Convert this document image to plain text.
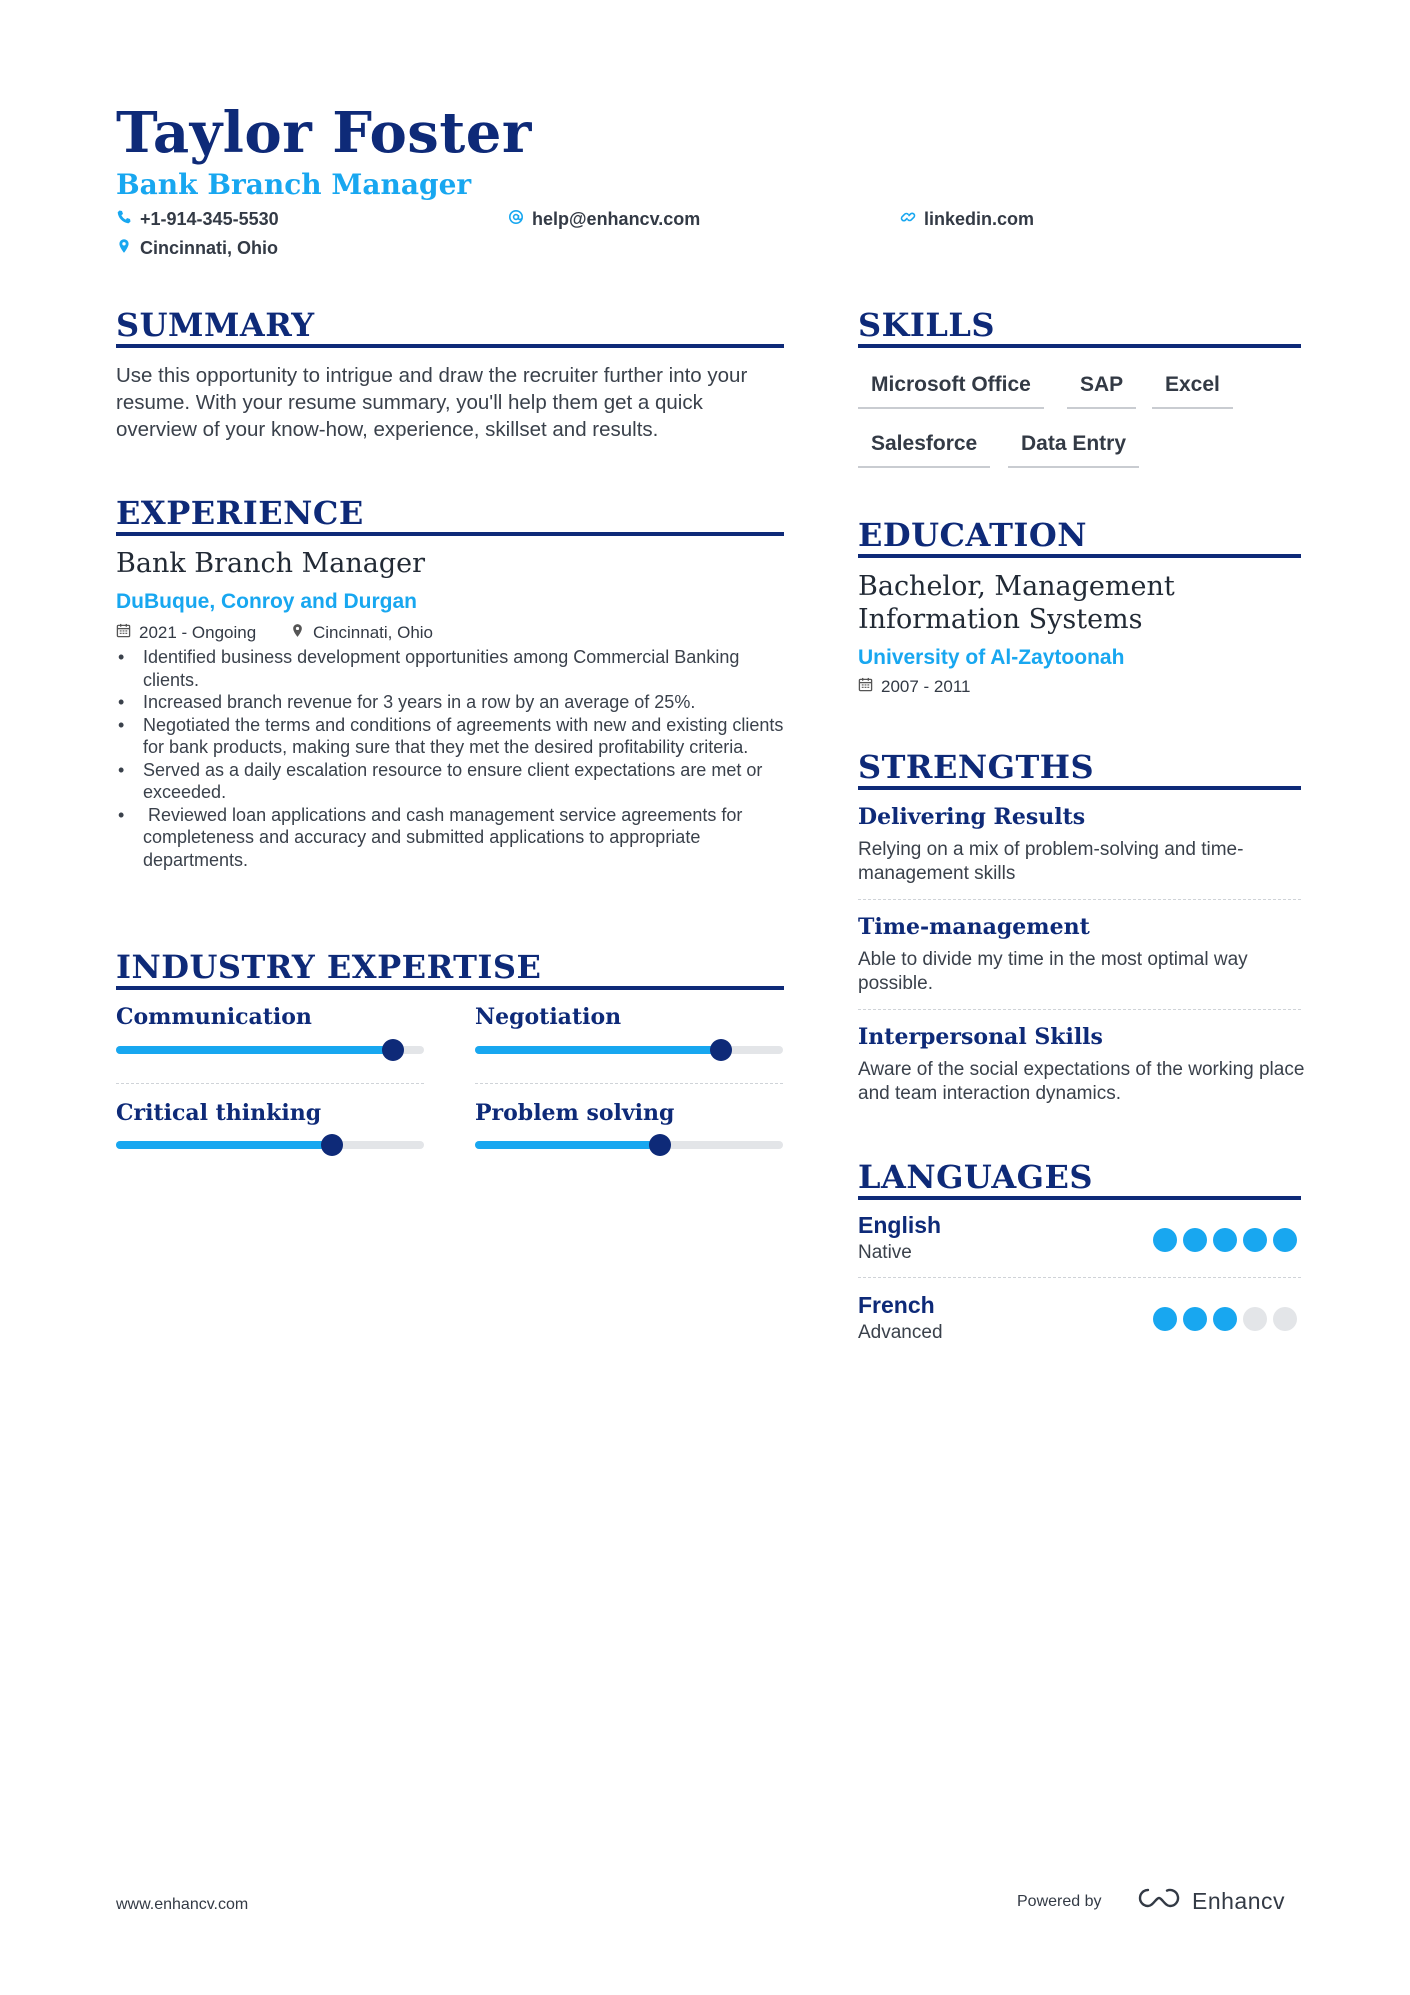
Taylor Foster
Bank Branch Manager
+1-914-345-5530	help@enhancv.com	linkedin.com
Cincinnati, Ohio
SUMMARY
Use this opportunity to intrigue and draw the recruiter further into your resume. With your resume summary, you'll help them get a quick overview of your know-how, experience, skillset and results.
EXPERIENCE
Bank Branch Manager
DuBuque, Conroy and Durgan
2021 - Ongoing	Cincinnati, Ohio
• Identified business development opportunities among Commercial Banking clients.
• Increased branch revenue for 3 years in a row by an average of 25%.
• Negotiated the terms and conditions of agreements with new and existing clients for bank products, making sure that they met the desired profitability criteria.
• Served as a daily escalation resource to ensure client expectations are met or exceeded.
•  Reviewed loan applications and cash management service agreements for completeness and accuracy and submitted applications to appropriate departments.
INDUSTRY EXPERTISE
Communication	Negotiation
Critical thinking	Problem solving
SKILLS
Microsoft Office	SAP	Excel
Salesforce	Data Entry
EDUCATION
Bachelor, Management Information Systems
University of Al-Zaytoonah
2007 - 2011
STRENGTHS
Delivering Results
Relying on a mix of problem-solving and time-management skills
Time-management
Able to divide my time in the most optimal way possible.
Interpersonal Skills
Aware of the social expectations of the working place and team interaction dynamics.
LANGUAGES
English
Native
French
Advanced
www.enhancv.com	Powered by	Enhancv
